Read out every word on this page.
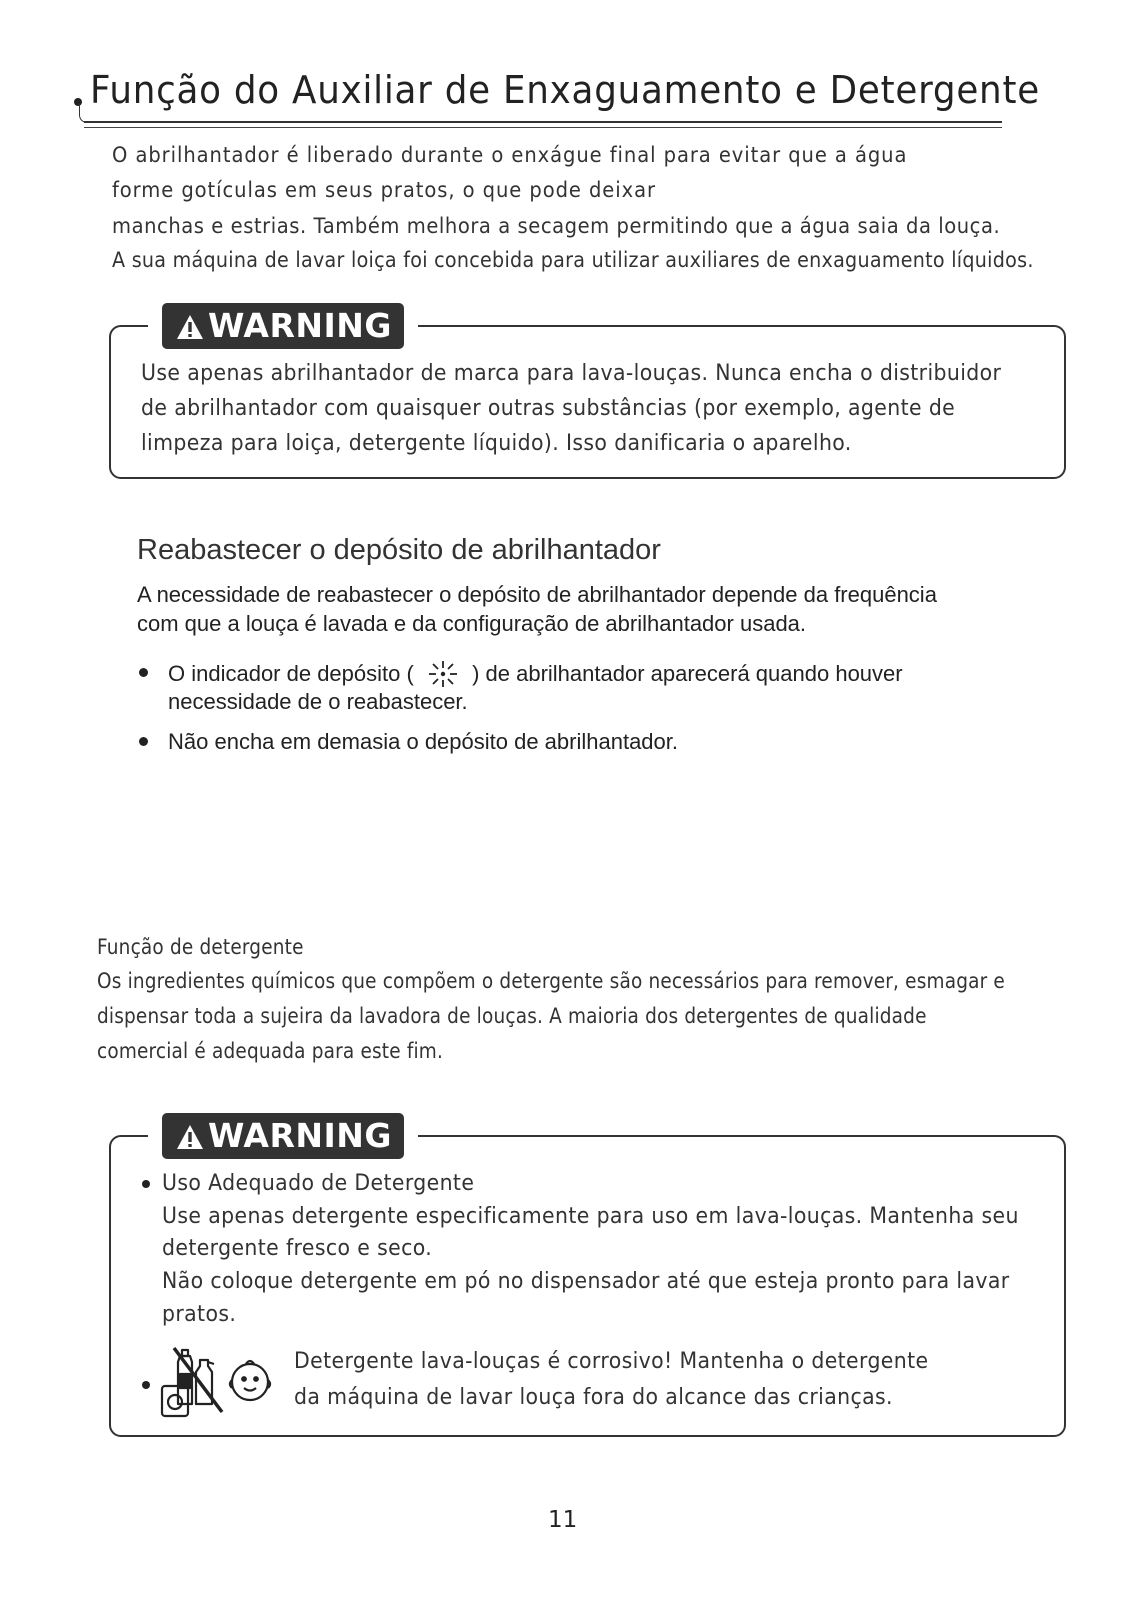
Função do Auxiliar de Enxaguamento e Detergente

O abrilhantador é liberado durante o enxágue final para evitar que a água

forme gotículas em seus pratos, o que pode deixar

manchas e estrias. Também melhora a secagem permitindo que a água saia da louça.

A sua máquina de lavar loiça foi concebida para utilizar auxiliares de enxaguamento líquidos.

WARNING

Use apenas abrilhantador de marca para lava-louças. Nunca encha o distribuidor

de abrilhantador com quaisquer outras substâncias (por exemplo, agente de

limpeza para loiça, detergente líquido). Isso danificaria o aparelho.

Reabastecer o depósito de abrilhantador

A necessidade de reabastecer o depósito de abrilhantador depende da frequência

com que a louça é lavada e da configuração de abrilhantador usada.

O indicador de depósito (	) de abrilhantador aparecerá quando houver

necessidade de o reabastecer.

Não encha em demasia o depósito de abrilhantador.

Função de detergente

Os ingredientes químicos que compõem o detergente são necessários para remover, esmagar e

dispensar toda a sujeira da lavadora de louças. A maioria dos detergentes de qualidade

comercial é adequada para este fim.

WARNING

Uso Adequado de Detergente

Use apenas detergente especificamente para uso em lava-louças. Mantenha seu

detergente fresco e seco.

Não coloque detergente em pó no dispensador até que esteja pronto para lavar

pratos.

Detergente lava-louças é corrosivo! Mantenha o detergente

da máquina de lavar louça fora do alcance das crianças.

11
